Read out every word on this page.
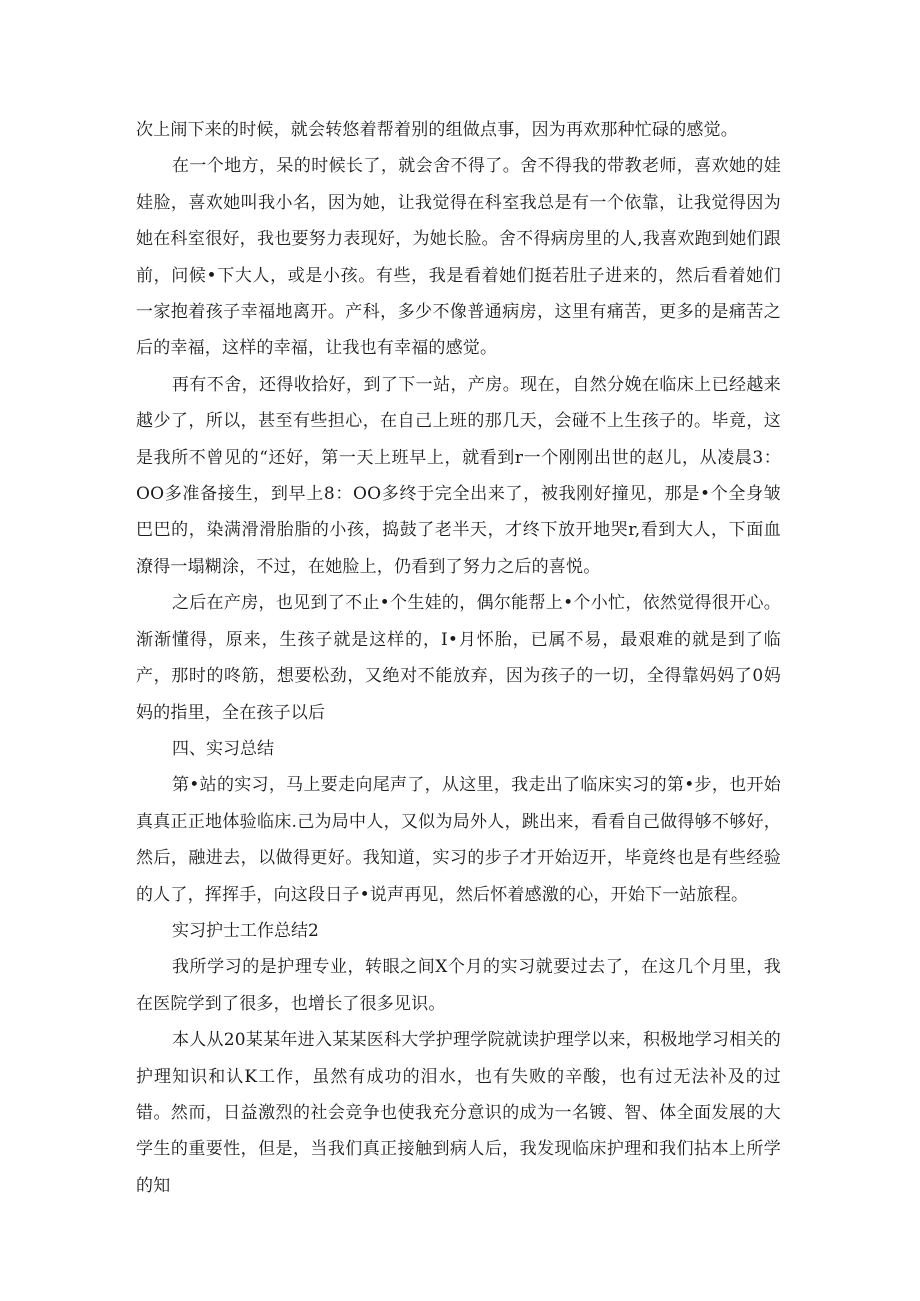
次上闹下来的时候，就会转悠着帮着别的组做点事，因为再欢那种忙碌的感觉。

在一个地方，呆的时候长了，就会舍不得了。舍不得我的带教老师，喜欢她的娃娃脸，喜欢她叫我小名，因为她，让我觉得在科室我总是有一个依靠，让我觉得因为她在科室很好，我也要努力表现好，为她长脸。舍不得病房里的人,我喜欢跑到她们跟前，问候•下大人，或是小孩。有些，我是看着她们挺若肚子进来的，然后看着她们一家抱着孩子幸福地离开。产科，多少不像普通病房，这里有痛苦，更多的是痛苦之后的幸福，这样的幸福，让我也有幸福的感觉。

再有不舍，还得收拾好，到了下一站，产房。现在，自然分娩在临床上已经越来越少了，所以，甚至有些担心，在自己上班的那几天，会碰不上生孩子的。毕竟，这是我所不曾见的“还好，第一天上班早上，就看到r一个刚刚出世的赵儿，从凌晨3：OO多准备接生，到早上8：OO多终于完全出来了，被我刚好撞见，那是•个全身皱巴巴的，染满滑滑胎脂的小孩，捣鼓了老半天，才终下放开地哭r,看到大人，下面血潦得一塌糊涂，不过，在她脸上，仍看到了努力之后的喜悦。

之后在产房，也见到了不止•个生娃的，偶尔能帮上•个小忙，依然觉得很开心。渐渐懂得，原来，生孩子就是这样的，I•月怀胎，已属不易，最艰难的就是到了临产，那时的咚筋，想要松劲，又绝对不能放弃，因为孩子的一切，全得靠妈妈了0妈妈的指里，全在孩子以后

四、实习总结

第•站的实习，马上要走向尾声了，从这里，我走出了临床实习的第•步，也开始真真正正地体验临床.己为局中人，又似为局外人，跳出来，看看自己做得够不够好，然后，融进去，以做得更好。我知道，实习的步子才开始迈开，毕竟终也是有些经验的人了，挥挥手，向这段日子•说声再见，然后怀着感激的心，开始下一站旅程。

实习护士工作总结2

我所学习的是护理专业，转眼之间X个月的实习就要过去了，在这几个月里，我在医院学到了很多，也增长了很多见识。

本人从20某某年进入某某医科大学护理学院就读护理学以来，积极地学习相关的护理知识和认K工作，虽然有成功的泪水，也有失败的辛酸，也有过无法补及的过错。然而，日益激烈的社会竞争也使我充分意识的成为一名镀、智、体全面发展的大学生的重要性，但是，当我们真正接触到病人后，我发现临床护理和我们拈本上所学的知
